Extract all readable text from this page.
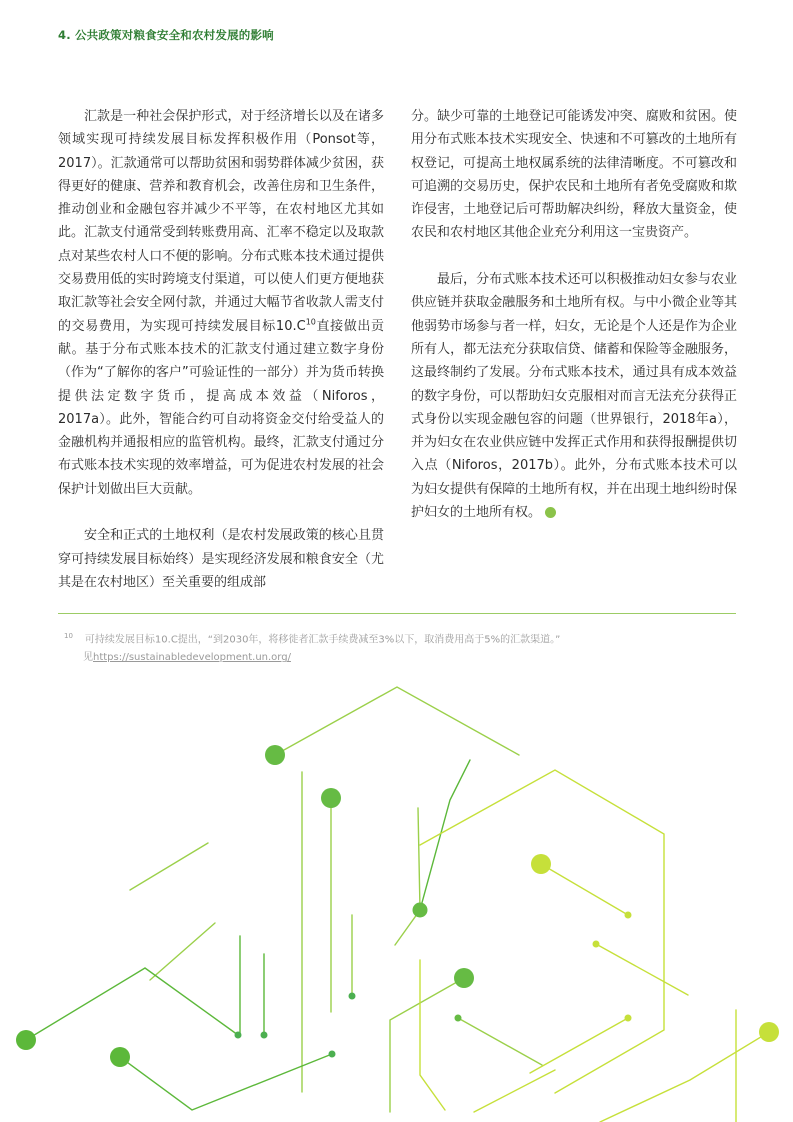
4. 公共政策对粮食安全和农村发展的影响

汇款是一种社会保护形式，对于经济增长以及在诸多领域实现可持续发展目标发挥积极作用（Ponsot等，2017）。汇款通常可以帮助贫困和弱势群体减少贫困，获得更好的健康、营养和教育机会，改善住房和卫生条件，推动创业和金融包容并减少不平等，在农村地区尤其如此。汇款支付通常受到转账费用高、汇率不稳定以及取款点对某些农村人口不便的影响。分布式账本技术通过提供交易费用低的实时跨境支付渠道，可以使人们更方便地获取汇款等社会安全网付款，并通过大幅节省收款人需支付的交易费用，为实现可持续发展目标$10.C^{10}$直接做出贡献。基于分布式账本技术的汇款支付通过建立数字身份（作为“了解你的客户”可验证性的一部分）并为货币转换提供法定数字货币，提高成本效益（Niforos，2017a）。此外，智能合约可自动将资金交付给受益人的金融机构并通报相应的监管机构。最终，汇款支付通过分布式账本技术实现的效率增益，可为促进农村发展的社会保护计划做出巨大贡献。

安全和正式的土地权利（是农村发展政策的核心且贯穿可持续发展目标始终）是实现经济发展和粮食安全（尤其是在农村地区）至关重要的组成部

分。缺少可靠的土地登记可能诱发冲突、腐败和贫困。使用分布式账本技术实现安全、快速和不可篡改的土地所有权登记，可提高土地权属系统的法律清晰度。不可篡改和可追溯的交易历史，保护农民和土地所有者免受腐败和欺诈侵害，土地登记后可帮助解决纠纷，释放大量资金，使农民和农村地区其他企业充分利用这一宝贵资产。

最后，分布式账本技术还可以积极推动妇女参与农业供应链并获取金融服务和土地所有权。与中小微企业等其他弱势市场参与者一样，妇女，无论是个人还是作为企业所有人，都无法充分获取信贷、储蓄和保险等金融服务，这最终制约了发展。分布式账本技术，通过具有成本效益的数字身份，可以帮助妇女克服相对而言无法充分获得正式身份以实现金融包容的问题（世界银行，2018年a），并为妇女在农业供应链中发挥正式作用和获得报酬提供切入点（Niforos，2017b）。此外，分布式账本技术可以为妇女提供有保障的土地所有权，并在出现土地纠纷时保护妇女的土地所有权。

$^{10}$ 可持续发展目标10.C提出，“到2030年，将移徙者汇款手续费减至3%以下，取消费用高于5%的汇款渠道。”
见https://sustainabledevelopment.un.org/
